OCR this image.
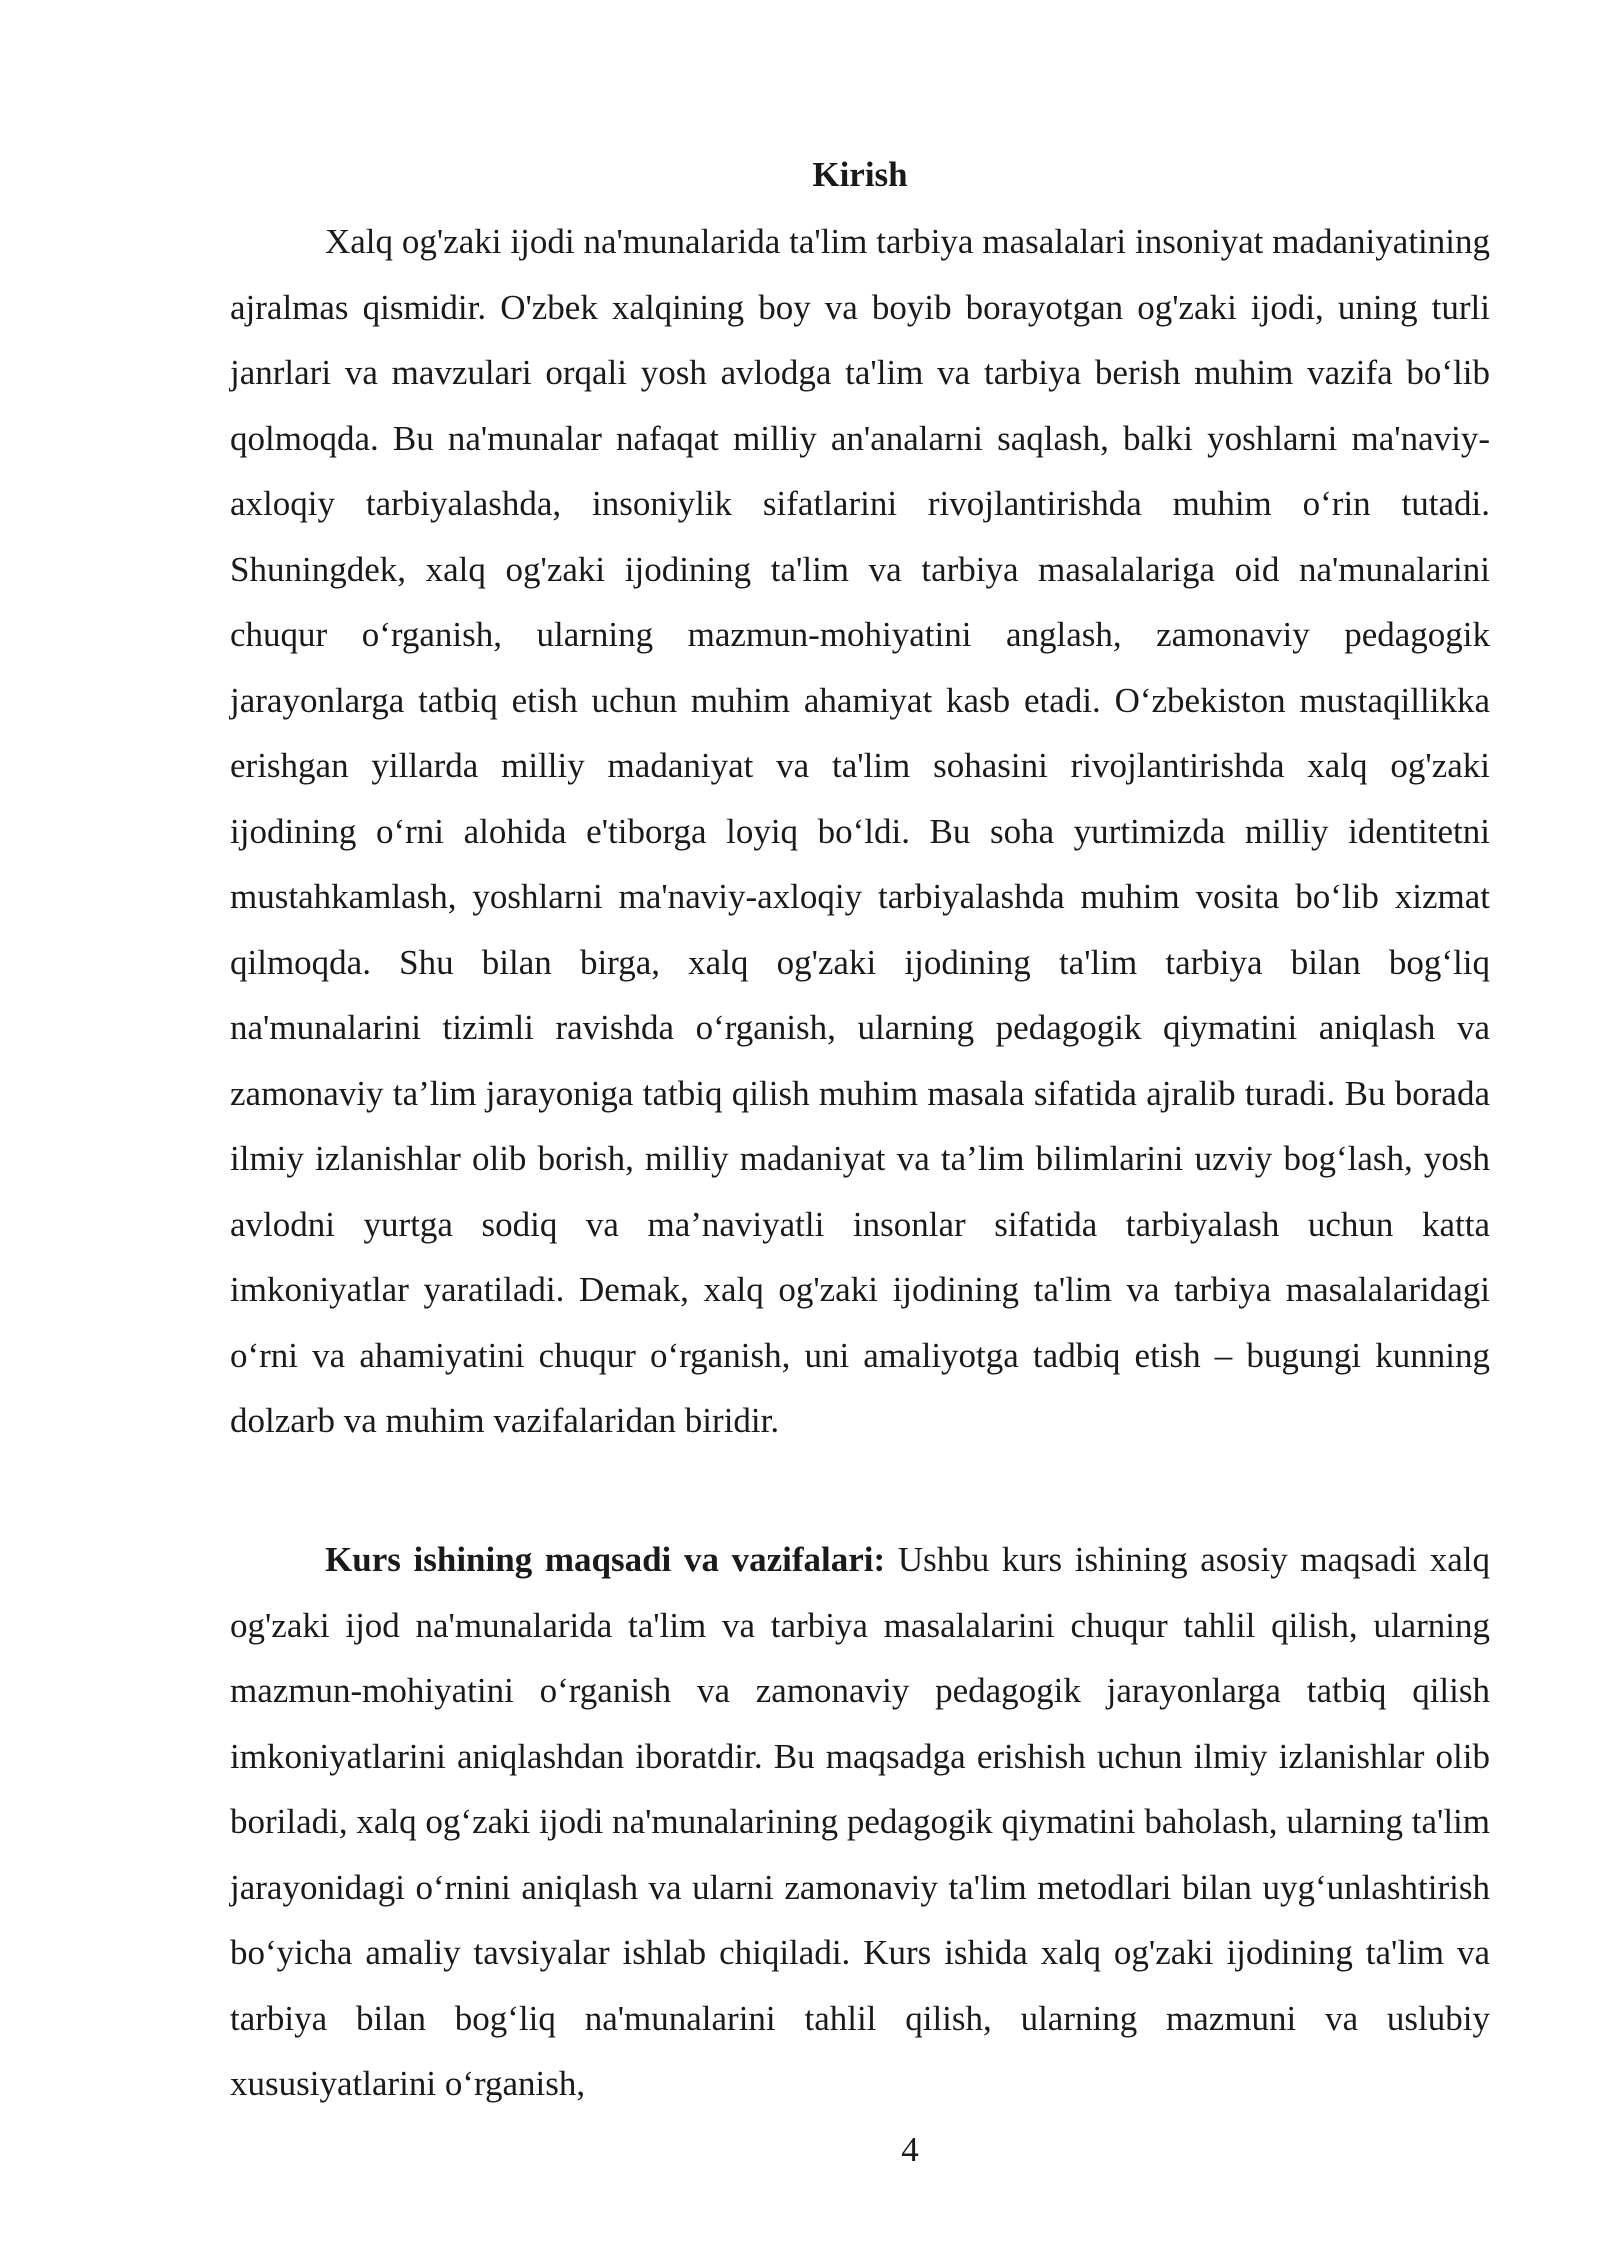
Kirish

Xalq og'zaki ijodi na'munalarida ta'lim tarbiya masalalari insoniyat madaniyatining ajralmas qismidir. O'zbek xalqining boy va boyib borayotgan og'zaki ijodi, uning turli janrlari va mavzulari orqali yosh avlodga ta'lim va tarbiya berish muhim vazifa bo‘lib qolmoqda. Bu na'munalar nafaqat milliy an'analarni saqlash, balki yoshlarni ma'naviy-axloqiy tarbiyalashda, insoniylik sifatlarini rivojlantirishda muhim o‘rin tutadi. Shuningdek, xalq og'zaki ijodining ta'lim va tarbiya masalalariga oid na'munalarini chuqur o‘rganish, ularning mazmun-mohiyatini anglash, zamonaviy pedagogik jarayonlarga tatbiq etish uchun muhim ahamiyat kasb etadi. O‘zbekiston mustaqillikka erishgan yillarda milliy madaniyat va ta'lim sohasini rivojlantirishda xalq og'zaki ijodining o‘rni alohida e'tiborga loyiq bo‘ldi. Bu soha yurtimizda milliy identitetni mustahkamlash, yoshlarni ma'naviy-axloqiy tarbiyalashda muhim vosita bo‘lib xizmat qilmoqda. Shu bilan birga, xalq og'zaki ijodining ta'lim tarbiya bilan bog‘liq na'munalarini tizimli ravishda o‘rganish, ularning pedagogik qiymatini aniqlash va zamonaviy ta’lim jarayoniga tatbiq qilish muhim masala sifatida ajralib turadi. Bu borada ilmiy izlanishlar olib borish, milliy madaniyat va ta’lim bilimlarini uzviy bog‘lash, yosh avlodni yurtga sodiq va ma’naviyatli insonlar sifatida tarbiyalash uchun katta imkoniyatlar yaratiladi. Demak, xalq og'zaki ijodining ta'lim va tarbiya masalalaridagi o‘rni va ahamiyatini chuqur o‘rganish, uni amaliyotga tadbiq etish – bugungi kunning dolzarb va muhim vazifalaridan biridir.

Kurs ishining maqsadi va vazifalari: Ushbu kurs ishining asosiy maqsadi xalq og'zaki ijod na'munalarida ta'lim va tarbiya masalalarini chuqur tahlil qilish, ularning mazmun-mohiyatini o‘rganish va zamonaviy pedagogik jarayonlarga tatbiq qilish imkoniyatlarini aniqlashdan iboratdir. Bu maqsadga erishish uchun ilmiy izlanishlar olib boriladi, xalq og‘zaki ijodi na'munalarining pedagogik qiymatini baholash, ularning ta'lim jarayonidagi o‘rnini aniqlash va ularni zamonaviy ta'lim metodlari bilan uyg‘unlashtirish bo‘yicha amaliy tavsiyalar ishlab chiqiladi. Kurs ishida xalq og'zaki ijodining ta'lim va tarbiya bilan bog‘liq na'munalarini tahlil qilish, ularning mazmuni va uslubiy xususiyatlarini o‘rganish,

4
